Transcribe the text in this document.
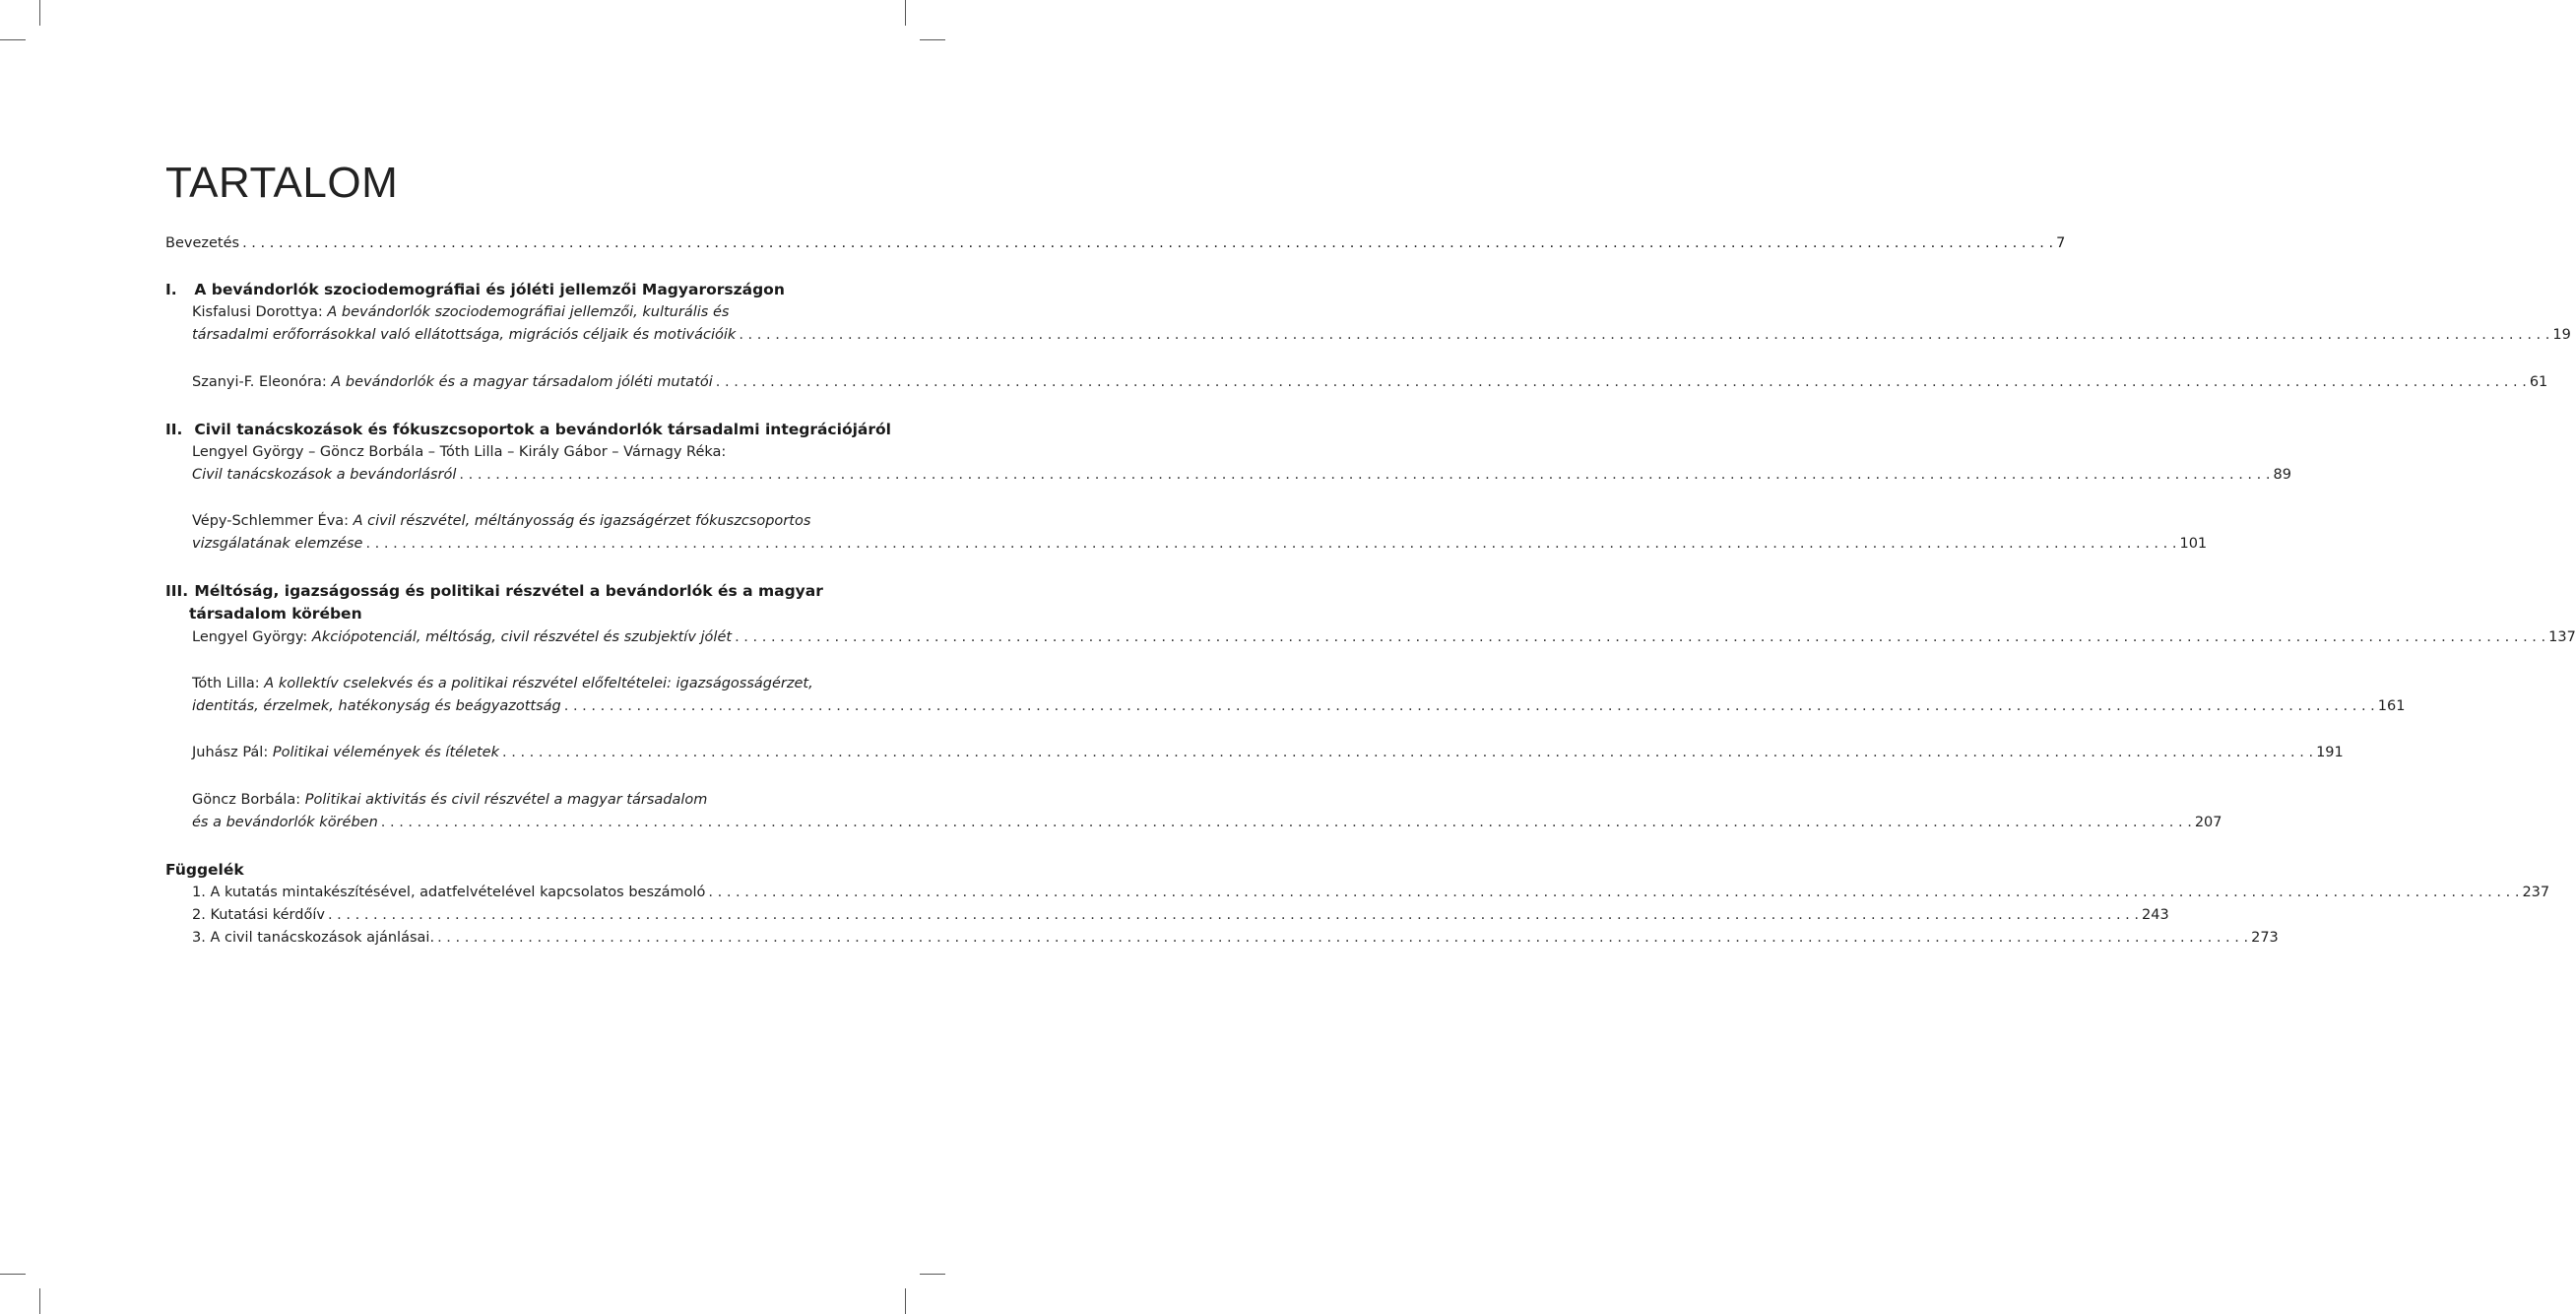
TARTALOM
Bevezetés . . . . . . . . . . . . . . . . . . . . . . . . . . . . . . . . . . . . . . . . . . . . . . . . . . . . . . . . . . . . . . . . . . . . . . . . . . . . . . . . . . . . . . . . . . . . . . . . . . . . . . . . . . . . . . . . . . . . . . . . . . . . . . . . . . . . . . . . . . . . . . . . . . . . . . . . . . . . . . . . . . . . . . . . . . . . . . . . . . . . . . . . . . . . . . . . . . . . . . . . 7
I. A bevándorlók szociodemográfiai és jóléti jellemzői Magyarországon
Kisfalusi Dorottya: A bevándorlók szociodemográfiai jellemzői, kulturális és
társadalmi erőforrásokkal való ellátottsága, migrációs céljaik és motivációik . . . . . . . . . . . . . . . . . . . . . . . . . . . . . . . . . . . . . . . . . . . . . . . . . . . . . . . . . . . . . . . . . . . . . . . . . . . . . . . . . . . . . . . . . . . . . . . . . . . . . . . . . . . . . . . . . . . . . . . . . . . . . . . . . . . . . . . . . . . . . . . . . . . . . . . . . . . . . . . . . . . . . . . . . . . . . . . . . . . . . . . . . . . . . . . . . . . . . . . . 19
Szanyi-F. Eleonóra:
A bevándorlók és a magyar társadalom jóléti mutatói . . . . . . . . . . . . . . . . . . . . . . . . . . . . . . . . . . . . . . . . . . . . . . . . . . . . . . . . . . . . . . . . . . . . . . . . . . . . . . . . . . . . . . . . . . . . . . . . . . . . . . . . . . . . . . . . . . . . . . . . . . . . . . . . . . . . . . . . . . . . . . . . . . . . . . . . . . . . . . . . . . . . . . . . . . . . . . . . . . . . . . . . . . . . . . . . . . . . . . . . 61
II. Civil tanácskozások és fókuszcsoportok a bevándorlók társadalmi integrációjáról
Lengyel György – Göncz Borbála – Tóth Lilla – Király Gábor – Várnagy Réka:
Civil tanácskozások a bevándorlásról . . . . . . . . . . . . . . . . . . . . . . . . . . . . . . . . . . . . . . . . . . . . . . . . . . . . . . . . . . . . . . . . . . . . . . . . . . . . . . . . . . . . . . . . . . . . . . . . . . . . . . . . . . . . . . . . . . . . . . . . . . . . . . . . . . . . . . . . . . . . . . . . . . . . . . . . . . . . . . . . . . . . . . . . . . . . . . . . . . . . . . . . . . . . . . . . . . . . . . . . 89
Vépy-Schlemmer Éva: A civil részvétel, méltányosság és igazságérzet fókuszcsoportos
vizsgálatának elemzése . . . . . . . . . . . . . . . . . . . . . . . . . . . . . . . . . . . . . . . . . . . . . . . . . . . . . . . . . . . . . . . . . . . . . . . . . . . . . . . . . . . . . . . . . . . . . . . . . . . . . . . . . . . . . . . . . . . . . . . . . . . . . . . . . . . . . . . . . . . . . . . . . . . . . . . . . . . . . . . . . . . . . . . . . . . . . . . . . . . . . . . . . . . . . . . . . . . . . . . . 101
III. Méltóság, igazságosság és politikai részvétel a bevándorlók és a magyar
társadalom körében
Lengyel György:
Akciópotenciál, méltóság, civil részvétel és szubjektív jólét . . . . . . . . . . . . . . . . . . . . . . . . . . . . . . . . . . . . . . . . . . . . . . . . . . . . . . . . . . . . . . . . . . . . . . . . . . . . . . . . . . . . . . . . . . . . . . . . . . . . . . . . . . . . . . . . . . . . . . . . . . . . . . . . . . . . . . . . . . . . . . . . . . . . . . . . . . . . . . . . . . . . . . . . . . . . . . . . . . . . . . . . . . . . . . . . . . . . . . . . 137
Tóth Lilla: A kollektív cselekvés és a politikai részvétel előfeltételei: igazságosságérzet,
identitás, érzelmek, hatékonyság és beágyazottság . . . . . . . . . . . . . . . . . . . . . . . . . . . . . . . . . . . . . . . . . . . . . . . . . . . . . . . . . . . . . . . . . . . . . . . . . . . . . . . . . . . . . . . . . . . . . . . . . . . . . . . . . . . . . . . . . . . . . . . . . . . . . . . . . . . . . . . . . . . . . . . . . . . . . . . . . . . . . . . . . . . . . . . . . . . . . . . . . . . . . . . . . . . . . . . . . . . . . . . . 161
Juhász Pál:
Politikai vélemények és ítéletek . . . . . . . . . . . . . . . . . . . . . . . . . . . . . . . . . . . . . . . . . . . . . . . . . . . . . . . . . . . . . . . . . . . . . . . . . . . . . . . . . . . . . . . . . . . . . . . . . . . . . . . . . . . . . . . . . . . . . . . . . . . . . . . . . . . . . . . . . . . . . . . . . . . . . . . . . . . . . . . . . . . . . . . . . . . . . . . . . . . . . . . . . . . . . . . . . . . . . . . . 191
Göncz Borbála: Politikai aktivitás és civil részvétel a magyar társadalom
és a bevándorlók körében . . . . . . . . . . . . . . . . . . . . . . . . . . . . . . . . . . . . . . . . . . . . . . . . . . . . . . . . . . . . . . . . . . . . . . . . . . . . . . . . . . . . . . . . . . . . . . . . . . . . . . . . . . . . . . . . . . . . . . . . . . . . . . . . . . . . . . . . . . . . . . . . . . . . . . . . . . . . . . . . . . . . . . . . . . . . . . . . . . . . . . . . . . . . . . . . . . . . . . . . 207
Függelék
1. A kutatás mintakészítésével, adatfelvételével kapcsolatos beszámoló . . . . . . . . . . . . . . . . . . . . . . . . . . . . . . . . . . . . . . . . . . . . . . . . . . . . . . . . . . . . . . . . . . . . . . . . . . . . . . . . . . . . . . . . . . . . . . . . . . . . . . . . . . . . . . . . . . . . . . . . . . . . . . . . . . . . . . . . . . . . . . . . . . . . . . . . . . . . . . . . . . . . . . . . . . . . . . . . . . . . . . . . . . . . . . . . . . . . . . . . 237
2. Kutatási kérdőív . . . . . . . . . . . . . . . . . . . . . . . . . . . . . . . . . . . . . . . . . . . . . . . . . . . . . . . . . . . . . . . . . . . . . . . . . . . . . . . . . . . . . . . . . . . . . . . . . . . . . . . . . . . . . . . . . . . . . . . . . . . . . . . . . . . . . . . . . . . . . . . . . . . . . . . . . . . . . . . . . . . . . . . . . . . . . . . . . . . . . . . . . . . . . . . . . . . . . . . . 243
3. A civil tanácskozások ajánlásai. . . . . . . . . . . . . . . . . . . . . . . . . . . . . . . . . . . . . . . . . . . . . . . . . . . . . . . . . . . . . . . . . . . . . . . . . . . . . . . . . . . . . . . . . . . . . . . . . . . . . . . . . . . . . . . . . . . . . . . . . . . . . . . . . . . . . . . . . . . . . . . . . . . . . . . . . . . . . . . . . . . . . . . . . . . . . . . . . . . . . . . . . . . . . . . . . . . . . . . . . 273
